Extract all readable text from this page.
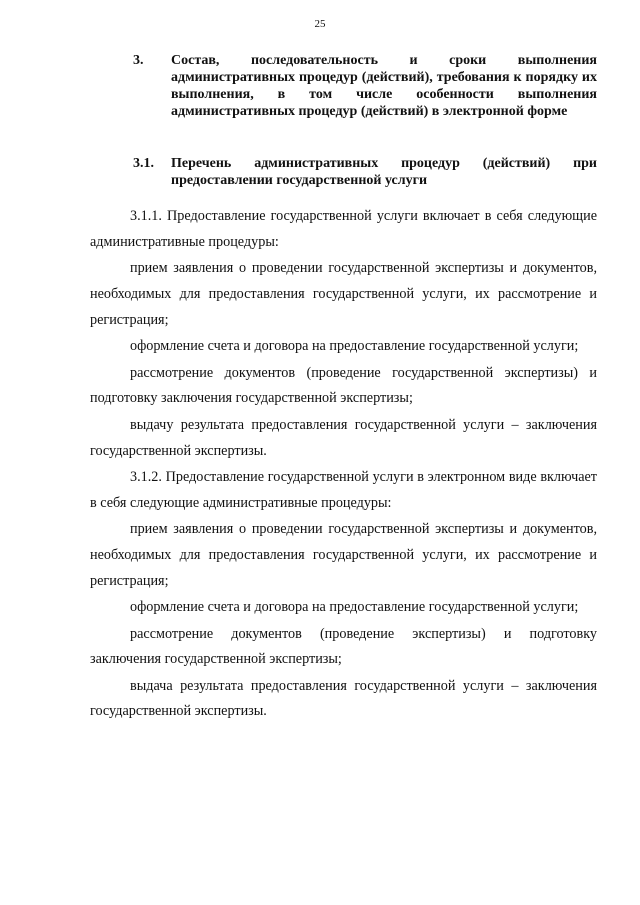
25
3. Состав, последовательность и сроки выполнения административных процедур (действий), требования к порядку их выполнения, в том числе особенности выполнения административных процедур (действий) в электронной форме
3.1. Перечень административных процедур (действий) при предоставлении государственной услуги

3.1.1. Предоставление государственной услуги включает в себя следующие административные процедуры:

прием заявления о проведении государственной экспертизы и документов, необходимых для предоставления государственной услуги, их рассмотрение и регистрация;

оформление счета и договора на предоставление государственной услуги;

рассмотрение документов (проведение государственной экспертизы) и подготовку заключения государственной экспертизы;

выдачу результата предоставления государственной услуги – заключения государственной экспертизы.

3.1.2. Предоставление государственной услуги в электронном виде включает в себя следующие административные процедуры:

прием заявления о проведении государственной экспертизы и документов, необходимых для предоставления государственной услуги, их рассмотрение и регистрация;

оформление счета и договора на предоставление государственной услуги;

рассмотрение документов (проведение экспертизы) и подготовку заключения государственной экспертизы;

выдача результата предоставления государственной услуги – заключения государственной экспертизы.
